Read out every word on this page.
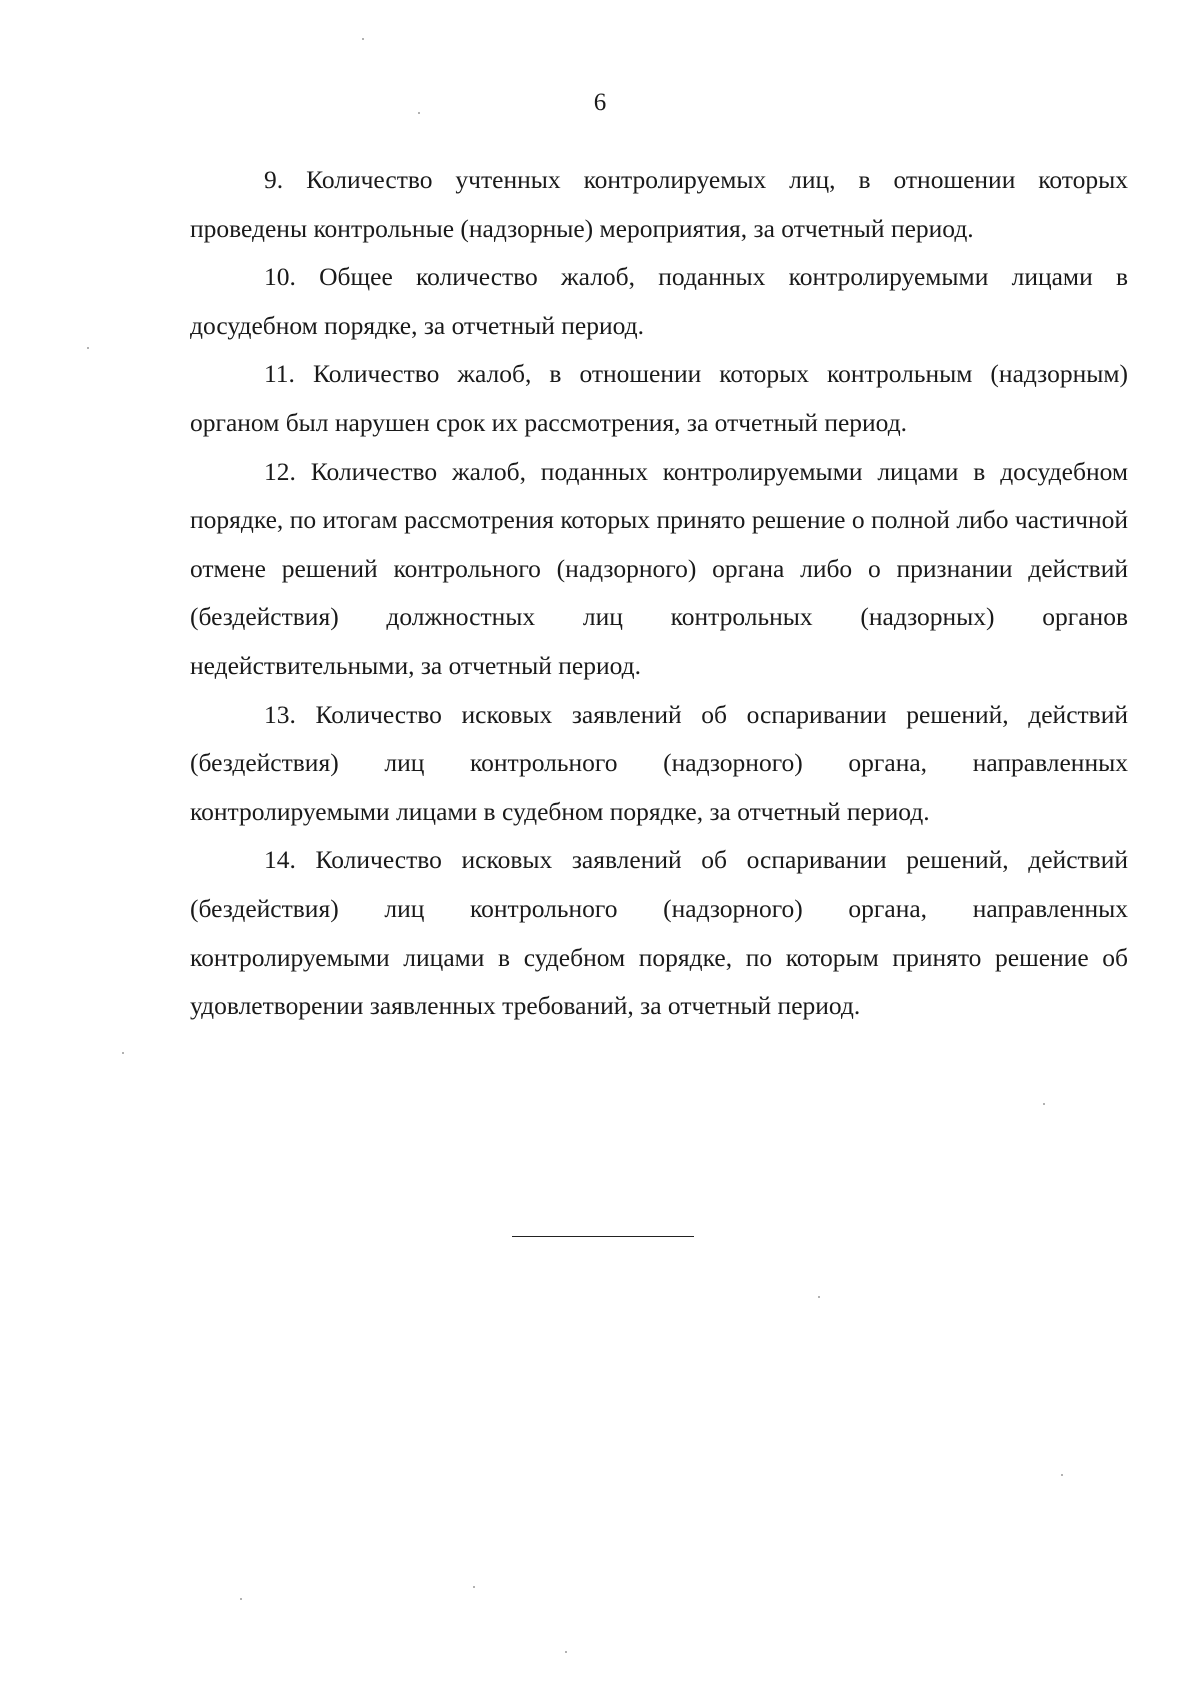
6

9. Количество учтенных контролируемых лиц, в отношении которых проведены контрольные (надзорные) мероприятия, за отчетный период.

10. Общее количество жалоб, поданных контролируемыми лицами в досудебном порядке, за отчетный период.

11. Количество жалоб, в отношении которых контрольным (надзорным) органом был нарушен срок их рассмотрения, за отчетный период.

12. Количество жалоб, поданных контролируемыми лицами в досудебном порядке, по итогам рассмотрения которых принято решение о полной либо частичной отмене решений контрольного (надзорного) органа либо о признании действий (бездействия) должностных лиц контрольных (надзорных) органов недействительными, за отчетный период.

13. Количество исковых заявлений об оспаривании решений, действий (бездействия) лиц контрольного (надзорного) органа, направленных контролируемыми лицами в судебном порядке, за отчетный период.

14. Количество исковых заявлений об оспаривании решений, действий (бездействия) лиц контрольного (надзорного) органа, направленных контролируемыми лицами в судебном порядке, по которым принято решение об удовлетворении заявленных требований, за отчетный период.
